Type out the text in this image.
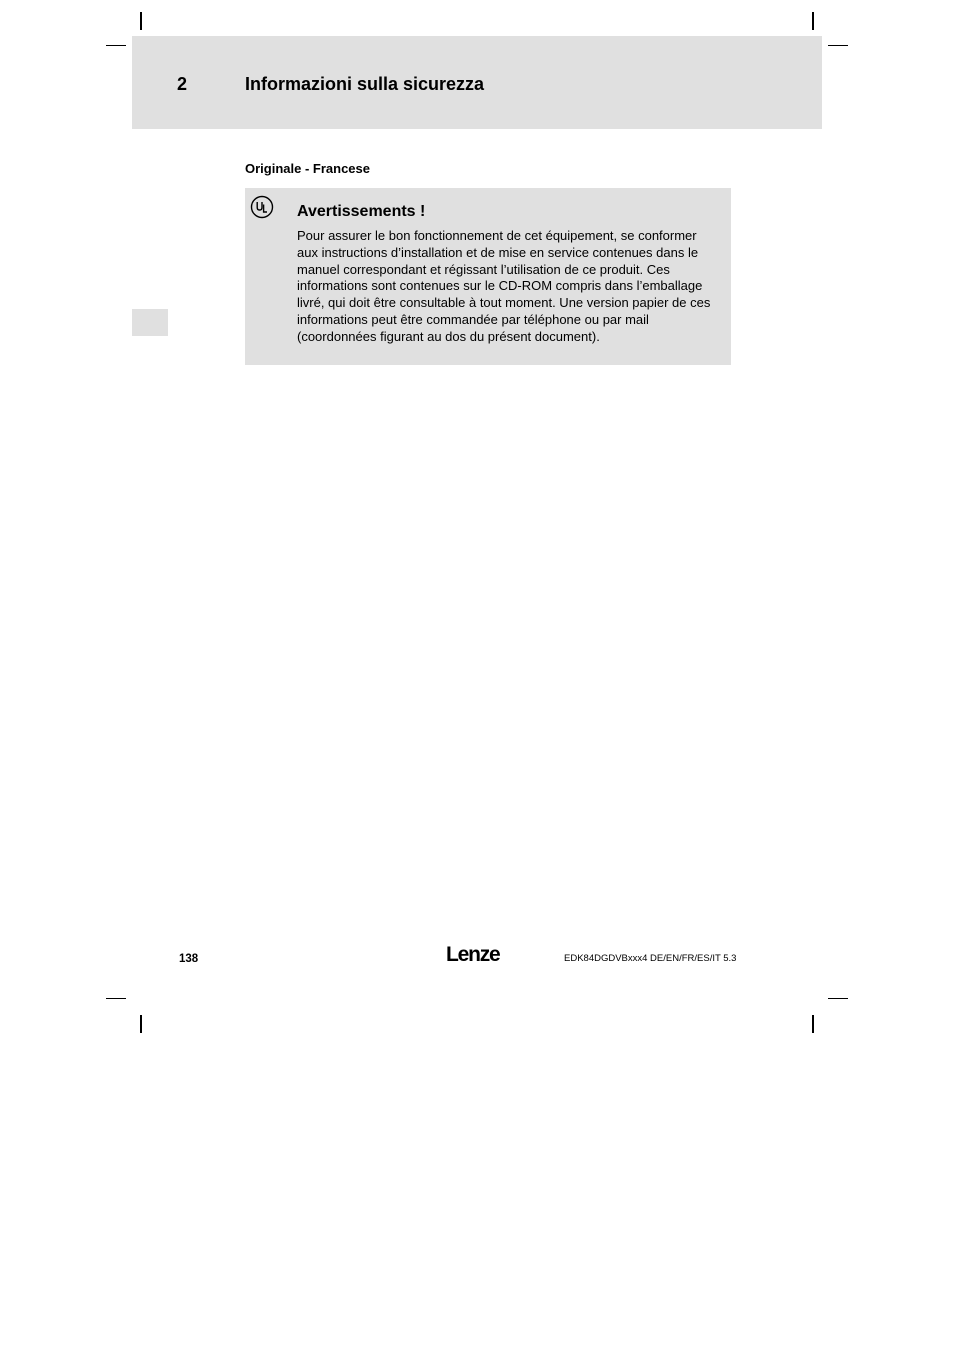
2	Informazioni sulla sicurezza
Originale - Francese
Avertissements !
Pour assurer le bon fonctionnement de cet équipement, se conformer aux instructions d’installation et de mise en service contenues dans le manuel correspondant et régissant l’utilisation de ce produit. Ces informations sont contenues sur le CD-ROM compris dans l’emballage livré, qui doit être consultable à tout moment. Une version papier de ces informations peut être commandée par téléphone ou par mail (coordonnées figurant au dos du présent document).
138	Lenze	EDK84DGDVBxxx4 DE/EN/FR/ES/IT 5.3
